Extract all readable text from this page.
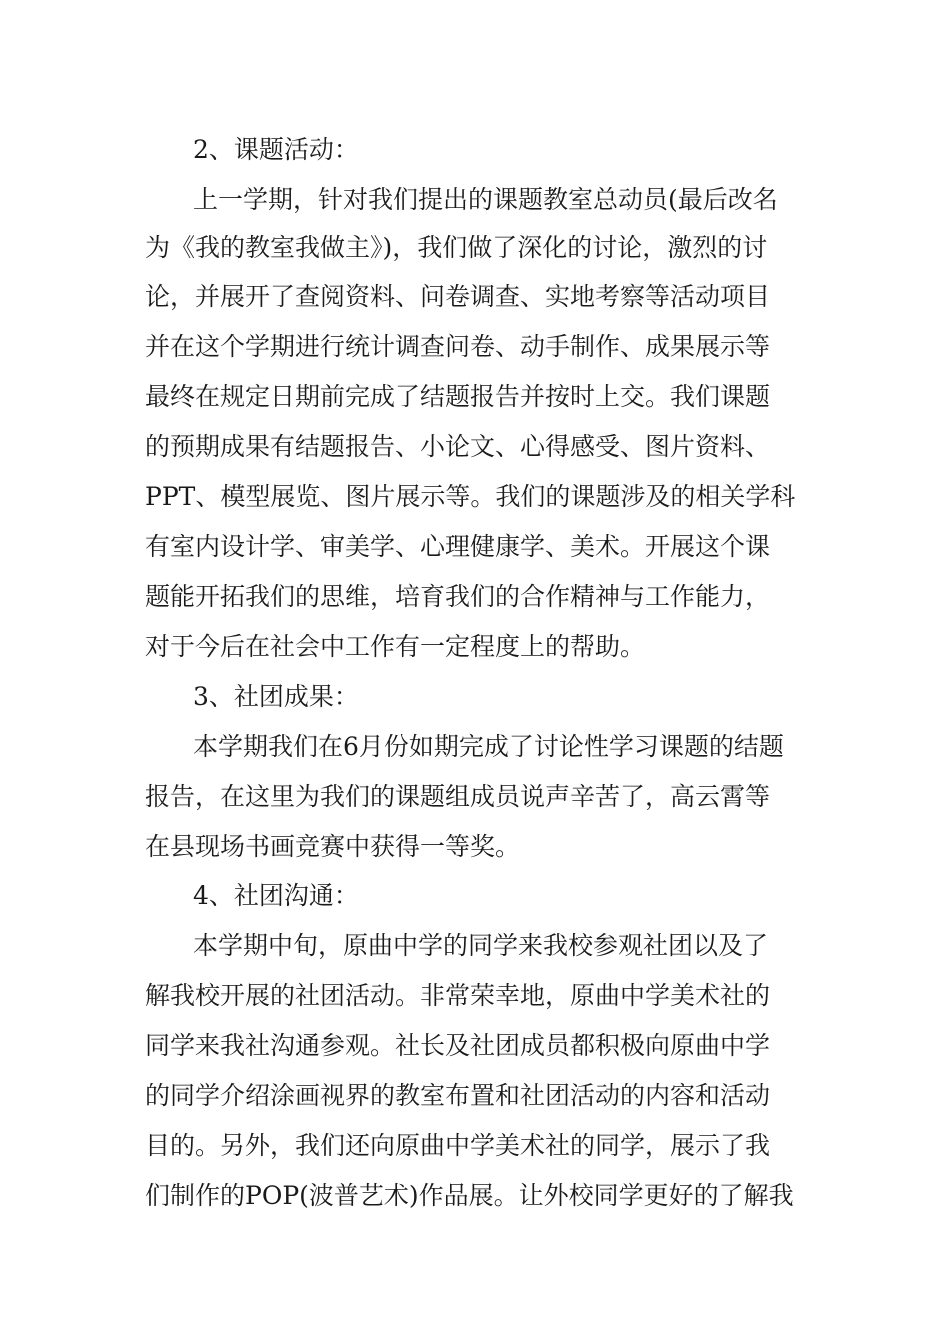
2、课题活动：
上一学期，针对我们提出的课题教室总动员(最后改名
为《我的教室我做主》)，我们做了深化的讨论，激烈的讨
论，并展开了查阅资料、问卷调查、实地考察等活动项目
并在这个学期进行统计调查问卷、动手制作、成果展示等
最终在规定日期前完成了结题报告并按时上交。我们课题
的预期成果有结题报告、小论文、心得感受、图片资料、
PPT、模型展览、图片展示等。我们的课题涉及的相关学科
有室内设计学、审美学、心理健康学、美术。开展这个课
题能开拓我们的思维，培育我们的合作精神与工作能力，
对于今后在社会中工作有一定程度上的帮助。
3、社团成果：
本学期我们在6月份如期完成了讨论性学习课题的结题
报告，在这里为我们的课题组成员说声辛苦了，高云霄等
在县现场书画竞赛中获得一等奖。
4、社团沟通：
本学期中旬，原曲中学的同学来我校参观社团以及了
解我校开展的社团活动。非常荣幸地，原曲中学美术社的
同学来我社沟通参观。社长及社团成员都积极向原曲中学
的同学介绍涂画视界的教室布置和社团活动的内容和活动
目的。另外，我们还向原曲中学美术社的同学，展示了我
们制作的POP(波普艺术)作品展。让外校同学更好的了解我
